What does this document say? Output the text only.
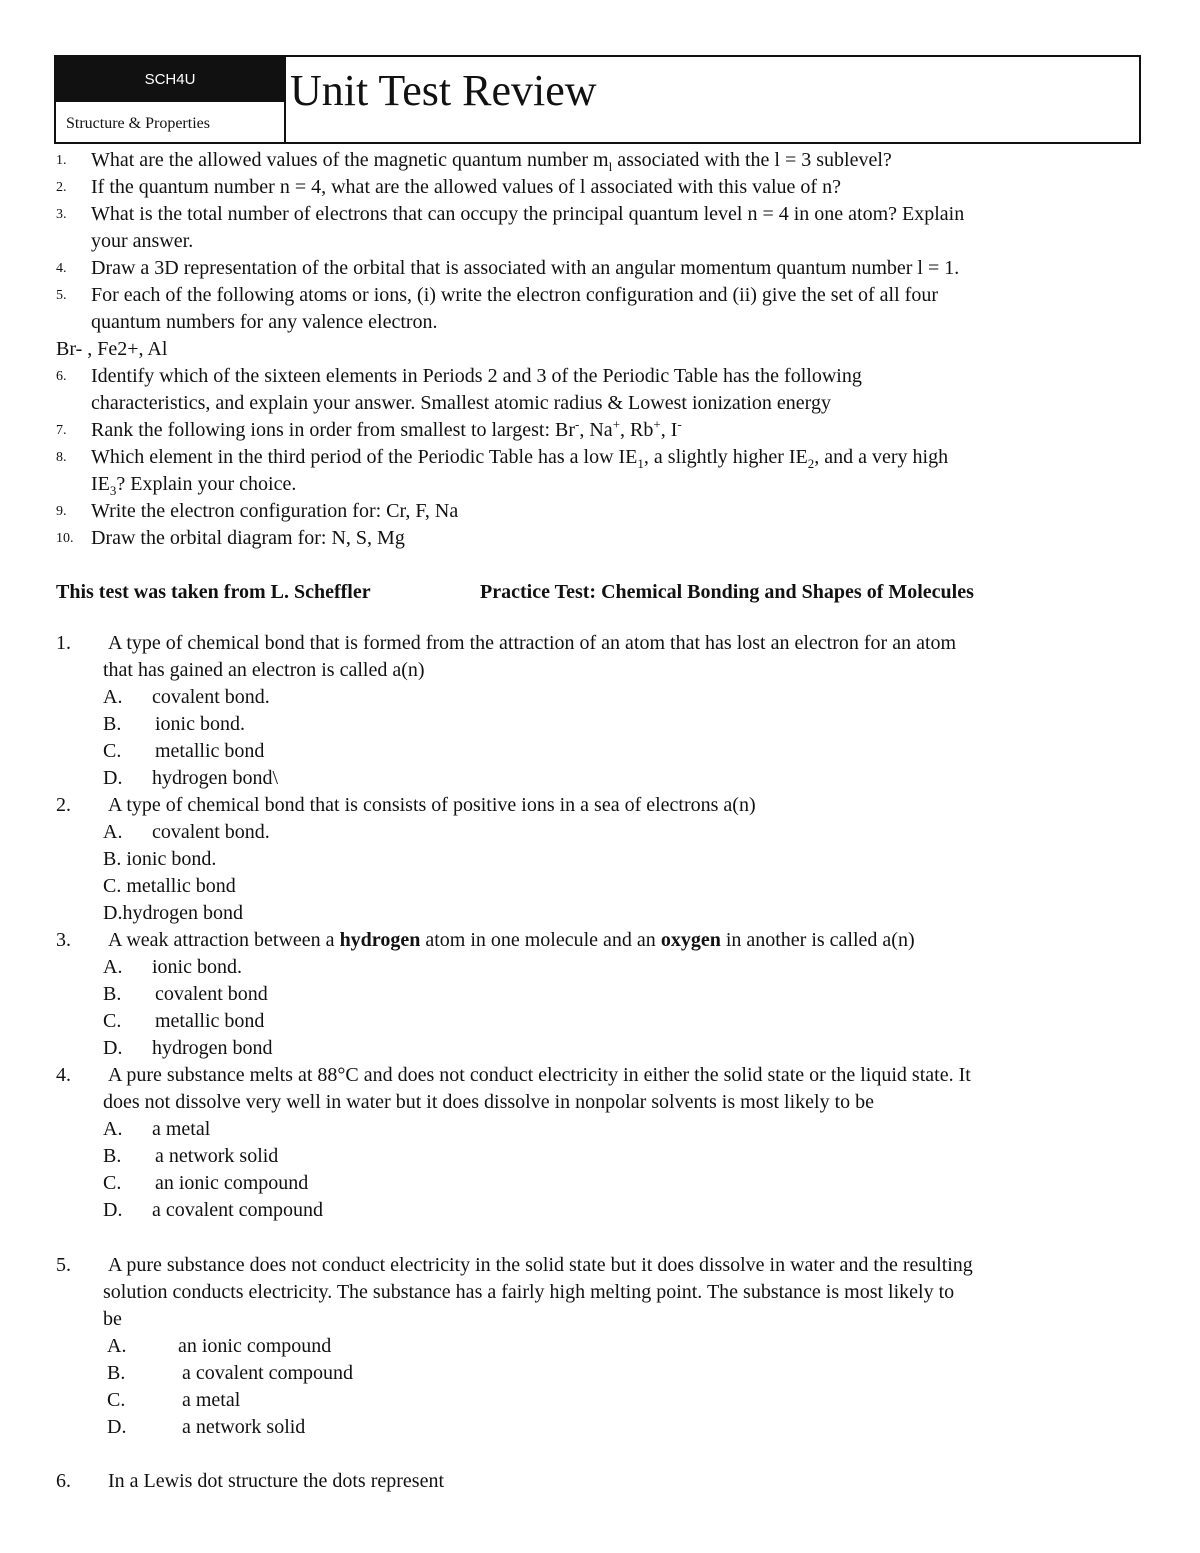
SCH4U
Structure & Properties
Unit Test Review
1.
2.
3.
4.
5.
6.
7.
8.
9.
10.
What are the allowed values of the magnetic quantum number $m_l$ associated with the l = 3 sublevel?
If the quantum number n = 4, what are the allowed values of l associated with this value of n?
What is the total number of electrons that can occupy the principal quantum level n = 4 in one atom? Explain
your answer.
Draw a 3D representation of the orbital that is associated with an angular momentum quantum number l = 1.
For each of the following atoms or ions, (i) write the electron configuration and (ii) give the set of all four
quantum numbers for any valence electron.
Br- , Fe2+, Al
Identify which of the sixteen elements in Periods 2 and 3 of the Periodic Table has the following
characteristics, and explain your answer. Smallest atomic radius & Lowest ionization energy
Rank the following ions in order from smallest to largest: Br-, Na+, Rb+, I-
Which element in the third period of the Periodic Table has a low $IE_1$, a slightly higher $IE_2$, and a very high
$IE_3$? Explain your choice.
Write the electron configuration for: Cr, F, Na
Draw the orbital diagram for: N, S, Mg
This test was taken from L. Scheffler	Practice Test: Chemical Bonding and Shapes of Molecules
1. A type of chemical bond that is formed from the attraction of an atom that has lost an electron for an atom
that has gained an electron is called a(n)
A. covalent bond.
B. ionic bond.
C. metallic bond
D. hydrogen bond\
2. A type of chemical bond that is consists of positive ions in a sea of electrons a(n)
A. covalent bond.
B. ionic bond.
C. metallic bond
D.hydrogen bond
3. A weak attraction between a hydrogen atom in one molecule and an oxygen in another is called a(n)
A. ionic bond.
B. covalent bond
C. metallic bond
D. hydrogen bond
4. A pure substance melts at 88°C and does not conduct electricity in either the solid state or the liquid state. It
does not dissolve very well in water but it does dissolve in nonpolar solvents is most likely to be
A. a metal
B. a network solid
C. an ionic compound
D. a covalent compound
5. A pure substance does not conduct electricity in the solid state but it does dissolve in water and the resulting
solution conducts electricity. The substance has a fairly high melting point. The substance is most likely to
be
A.	an ionic compound
B.	a covalent compound
C.	a metal
D.	a network solid
6. In a Lewis dot structure the dots represent
